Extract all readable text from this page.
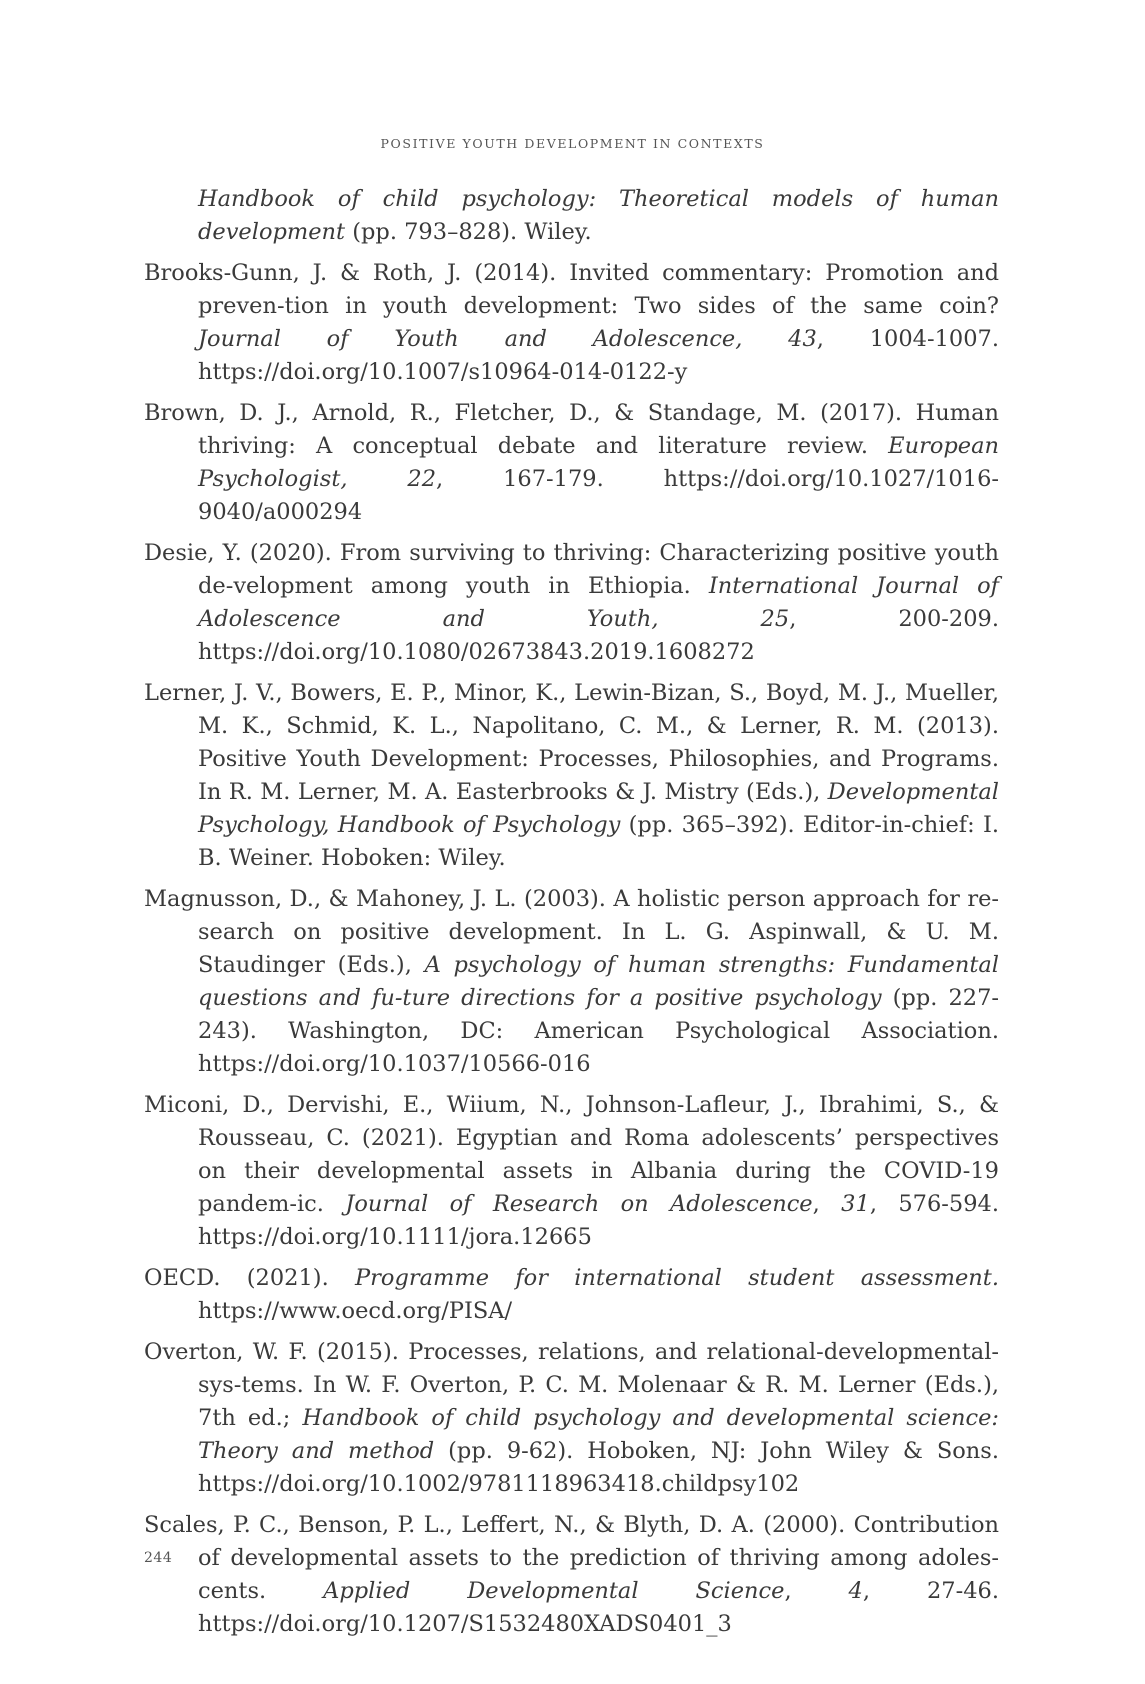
POSITIVE YOUTH DEVELOPMENT IN CONTEXTS

Handbook of child psychology: Theoretical models of human development (pp. 793–828). Wiley.

Brooks-Gunn, J. & Roth, J. (2014). Invited commentary: Promotion and preven-tion in youth development: Two sides of the same coin? Journal of Youth and Adolescence, 43, 1004-1007. https://doi.org/10.1007/s10964-014-0122-y

Brown, D. J., Arnold, R., Fletcher, D., & Standage, M. (2017). Human thriving: A conceptual debate and literature review. European Psychologist, 22, 167-179. https://doi.org/10.1027/1016-9040/a000294

Desie, Y. (2020). From surviving to thriving: Characterizing positive youth de-velopment among youth in Ethiopia. International Journal of Adolescence and Youth, 25, 200-209. https://doi.org/10.1080/02673843.2019.1608272

Lerner, J. V., Bowers, E. P., Minor, K., Lewin-Bizan, S., Boyd, M. J., Mueller, M. K., Schmid, K. L., Napolitano, C. M., & Lerner, R. M. (2013). Positive Youth Development: Processes, Philosophies, and Programs. In R. M. Lerner, M. A. Easterbrooks & J. Mistry (Eds.), Developmental Psychology, Handbook of Psychology (pp. 365–392). Editor-in-chief: I. B. Weiner. Hoboken: Wiley.

Magnusson, D., & Mahoney, J. L. (2003). A holistic person approach for re-search on positive development. In L. G. Aspinwall, & U. M. Staudinger (Eds.), A psychology of human strengths: Fundamental questions and fu-ture directions for a positive psychology (pp. 227-243). Washington, DC: American Psychological Association. https://doi.org/10.1037/10566-016

Miconi, D., Dervishi, E., Wiium, N., Johnson-Lafleur, J., Ibrahimi, S., & Rousseau, C. (2021). Egyptian and Roma adolescents’ perspectives on their developmental assets in Albania during the COVID-19 pandem-ic. Journal of Research on Adolescence, 31, 576-594. https://doi.org/10.1111/jora.12665

OECD. (2021). Programme for international student assessment. https://www.oecd.org/PISA/

Overton, W. F. (2015). Processes, relations, and relational-developmental-sys-tems. In W. F. Overton, P. C. M. Molenaar & R. M. Lerner (Eds.), 7th ed.; Handbook of child psychology and developmental science: Theory and method (pp. 9-62). Hoboken, NJ: John Wiley & Sons. https://doi.org/10.1002/9781118963418.childpsy102

Scales, P. C., Benson, P. L., Leffert, N., & Blyth, D. A. (2000). Contribution of developmental assets to the prediction of thriving among adoles-cents. Applied Developmental Science, 4, 27-46. https://doi.org/10.1207/S1532480XADS0401_3

244
